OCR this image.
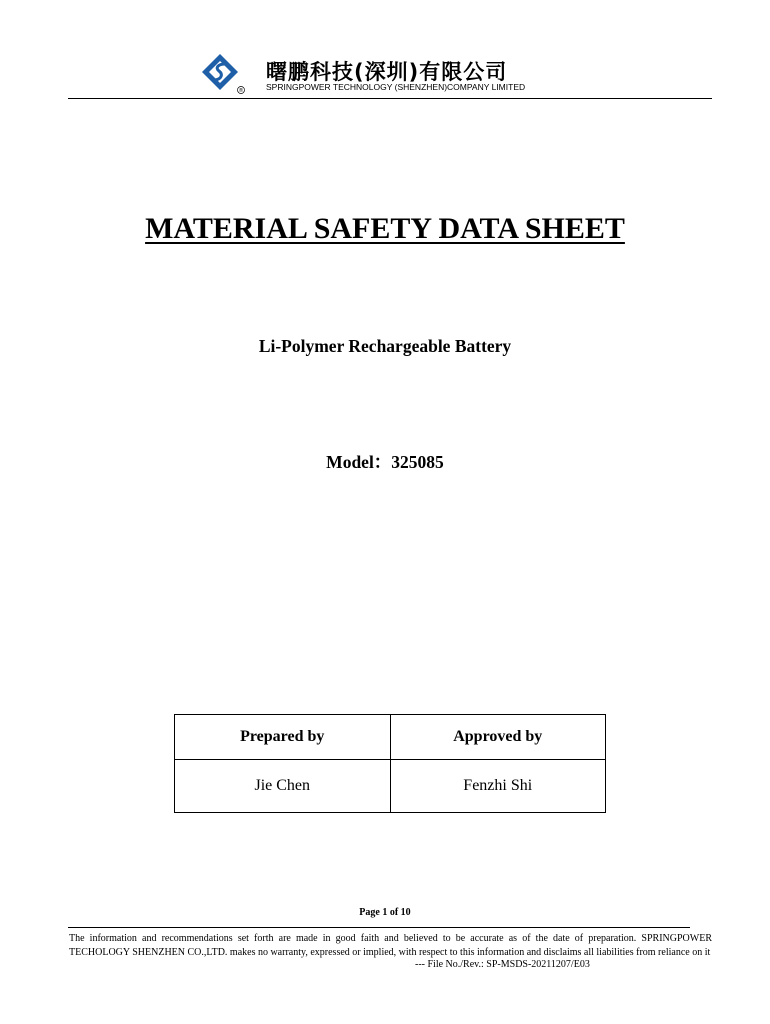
®
曙鹏科技(深圳)有限公司
SPRINGPOWER TECHNOLOGY (SHENZHEN)COMPANY LIMITED
MATERIAL SAFETY DATA SHEET
Li-Polymer Rechargeable Battery
Model：325085
Prepared by	Approved by
Jie Chen	Fenzhi Shi
Page 1 of 10
The information and recommendations set forth are made in good faith and believed to be accurate as of the date of preparation. SPRINGPOWER TECHOLOGY SHENZHEN CO.,LTD. makes no warranty, expressed or implied, with respect to this information and disclaims all liabilities from reliance on it
--- File No./Rev.: SP-MSDS-20211207/E03
